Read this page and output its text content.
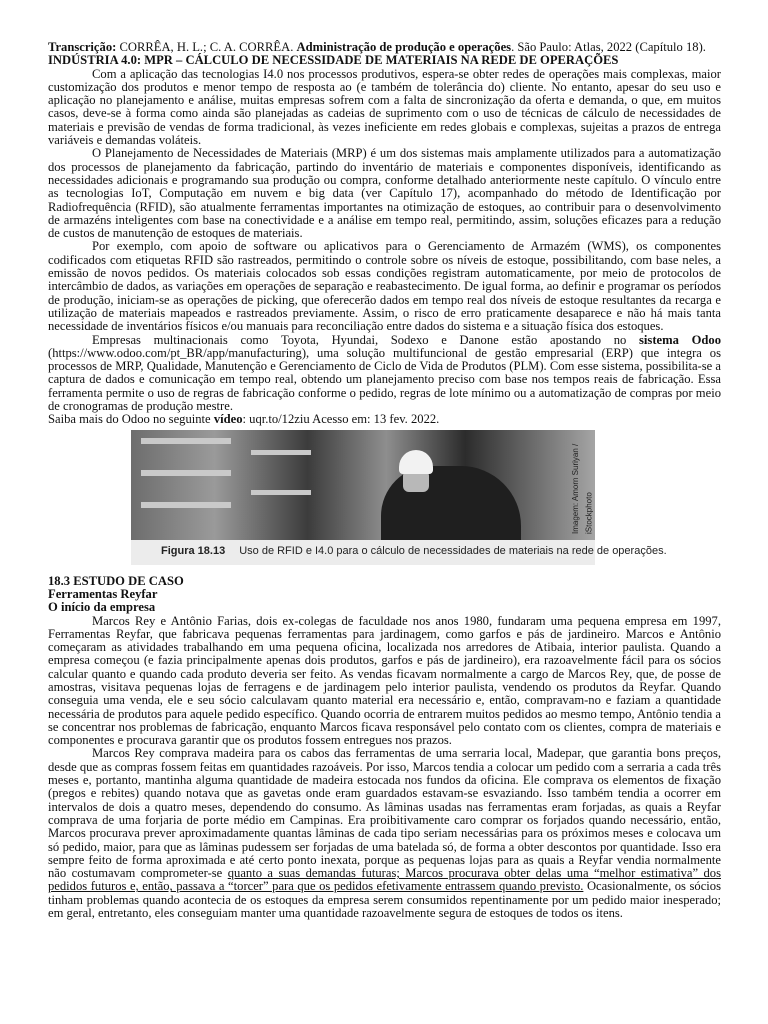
Transcrição: CORRÊA, H. L.; C. A. CORRÊA. Administração de produção e operações. São Paulo: Atlas, 2022 (Capítulo 18).

INDÚSTRIA 4.0: MPR – CÁLCULO DE NECESSIDADE DE MATERIAIS NA REDE DE OPERAÇÕES

Com a aplicação das tecnologias I4.0 nos processos produtivos, espera-se obter redes de operações mais complexas, maior customização dos produtos e menor tempo de resposta ao (e também de tolerância do) cliente. No entanto, apesar do seu uso e aplicação no planejamento e análise, muitas empresas sofrem com a falta de sincronização da oferta e demanda, o que, em muitos casos, deve-se à forma como ainda são planejadas as cadeias de suprimento com o uso de técnicas de cálculo de necessidades de materiais e previsão de vendas de forma tradicional, às vezes ineficiente em redes globais e complexas, sujeitas a prazos de entrega variáveis e demandas voláteis.

O Planejamento de Necessidades de Materiais (MRP) é um dos sistemas mais amplamente utilizados para a automatização dos processos de planejamento da fabricação, partindo do inventário de materiais e componentes disponíveis, identificando as necessidades adicionais e programando sua produção ou compra, conforme detalhado anteriormente neste capítulo. O vínculo entre as tecnologias IoT, Computação em nuvem e big data (ver Capítulo 17), acompanhado do método de Identificação por Radiofrequência (RFID), são atualmente ferramentas importantes na otimização de estoques, ao contribuir para o desenvolvimento de armazéns inteligentes com base na conectividade e a análise em tempo real, permitindo, assim, soluções eficazes para a redução de custos de manutenção de estoques de materiais.

Por exemplo, com apoio de software ou aplicativos para o Gerenciamento de Armazém (WMS), os componentes codificados com etiquetas RFID são rastreados, permitindo o controle sobre os níveis de estoque, possibilitando, com base neles, a emissão de novos pedidos. Os materiais colocados sob essas condições registram automaticamente, por meio de protocolos de intercâmbio de dados, as variações em operações de separação e reabastecimento. De igual forma, ao definir e programar os períodos de produção, iniciam-se as operações de picking, que oferecerão dados em tempo real dos níveis de estoque resultantes da recarga e utilização de materiais mapeados e rastreados previamente. Assim, o risco de erro praticamente desaparece e não há mais tanta necessidade de inventários físicos e/ou manuais para reconciliação entre dados do sistema e a situação física dos estoques.

Empresas multinacionais como Toyota, Hyundai, Sodexo e Danone estão apostando no sistema Odoo (https://www.odoo.com/pt_BR/app/manufacturing), uma solução multifuncional de gestão empresarial (ERP) que integra os processos de MRP, Qualidade, Manutenção e Gerenciamento de Ciclo de Vida de Produtos (PLM). Com esse sistema, possibilita-se a captura de dados e comunicação em tempo real, obtendo um planejamento preciso com base nos tempos reais de fabricação. Essa ferramenta permite o uso de regras de fabricação conforme o pedido, regras de lote mínimo ou a automatização de compras por meio de cronogramas de produção mestre.

Saiba mais do Odoo no seguinte vídeo: uqr.to/12ziu Acesso em: 13 fev. 2022.

Imagem: Amorn Suriyan / iStockphoto
Figura 18.13 Uso de RFID e I4.0 para o cálculo de necessidades de materiais na rede de operações.

18.3 ESTUDO DE CASO

Ferramentas Reyfar

O início da empresa

Marcos Rey e Antônio Farias, dois ex-colegas de faculdade nos anos 1980, fundaram uma pequena empresa em 1997, Ferramentas Reyfar, que fabricava pequenas ferramentas para jardinagem, como garfos e pás de jardineiro. Marcos e Antônio começaram as atividades trabalhando em uma pequena oficina, localizada nos arredores de Atibaia, interior paulista. Quando a empresa começou (e fazia principalmente apenas dois produtos, garfos e pás de jardineiro), era razoavelmente fácil para os sócios calcular quanto e quando cada produto deveria ser feito. As vendas ficavam normalmente a cargo de Marcos Rey, que, de posse de amostras, visitava pequenas lojas de ferragens e de jardinagem pelo interior paulista, vendendo os produtos da Reyfar. Quando conseguia uma venda, ele e seu sócio calculavam quanto material era necessário e, então, compravam-no e faziam a quantidade necessária de produtos para aquele pedido específico. Quando ocorria de entrarem muitos pedidos ao mesmo tempo, Antônio tendia a se concentrar nos problemas de fabricação, enquanto Marcos ficava responsável pelo contato com os clientes, compra de materiais e componentes e procurava garantir que os produtos fossem entregues nos prazos.

Marcos Rey comprava madeira para os cabos das ferramentas de uma serraria local, Madepar, que garantia bons preços, desde que as compras fossem feitas em quantidades razoáveis. Por isso, Marcos tendia a colocar um pedido com a serraria a cada três meses e, portanto, mantinha alguma quantidade de madeira estocada nos fundos da oficina. Ele comprava os elementos de fixação (pregos e rebites) quando notava que as gavetas onde eram guardados estavam-se esvaziando. Isso também tendia a ocorrer em intervalos de dois a quatro meses, dependendo do consumo. As lâminas usadas nas ferramentas eram forjadas, as quais a Reyfar comprava de uma forjaria de porte médio em Campinas. Era proibitivamente caro comprar os forjados quando necessário, então, Marcos procurava prever aproximadamente quantas lâminas de cada tipo seriam necessárias para os próximos meses e colocava um só pedido, maior, para que as lâminas pudessem ser forjadas de uma batelada só, de forma a obter descontos por quantidade. Isso era sempre feito de forma aproximada e até certo ponto inexata, porque as pequenas lojas para as quais a Reyfar vendia normalmente não costumavam comprometer-se quanto a suas demandas futuras; Marcos procurava obter delas uma “melhor estimativa” dos pedidos futuros e, então, passava a “torcer” para que os pedidos efetivamente entrassem quando previsto. Ocasionalmente, os sócios tinham problemas quando acontecia de os estoques da empresa serem consumidos repentinamente por um pedido maior inesperado; em geral, entretanto, eles conseguiam manter uma quantidade razoavelmente segura de estoques de todos os itens.
